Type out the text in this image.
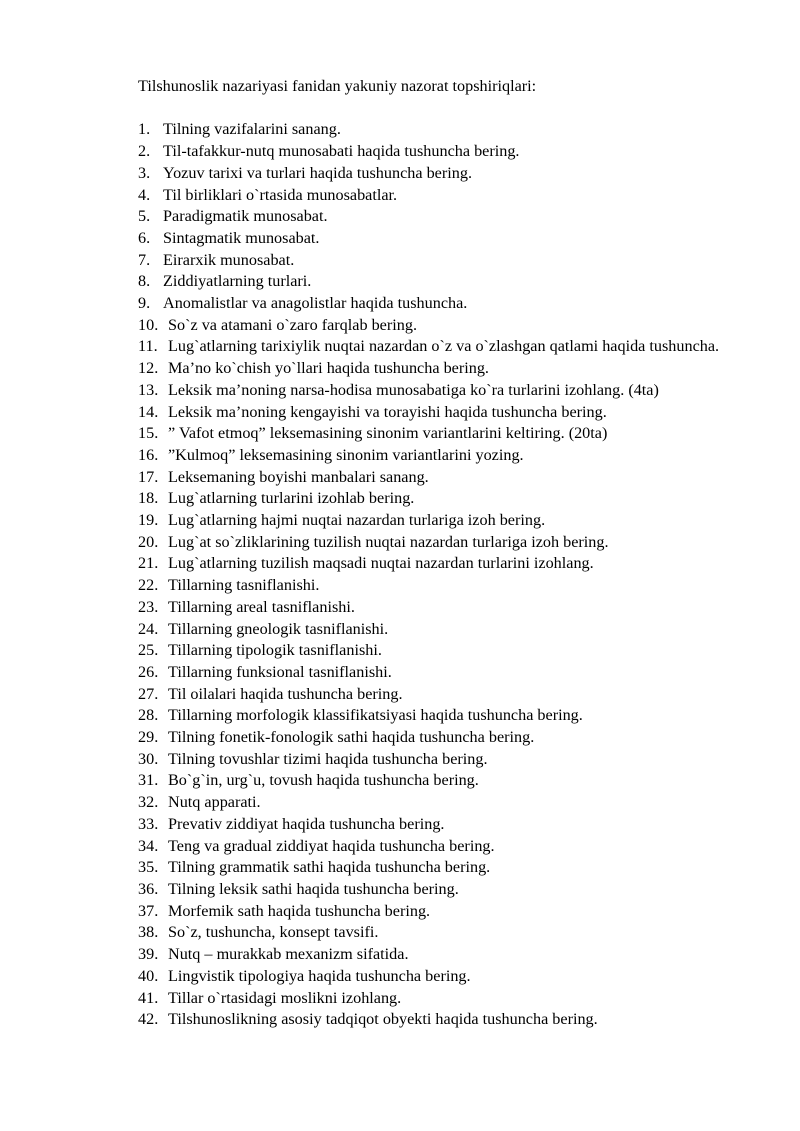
Tilshunoslik nazariyasi fanidan yakuniy nazorat topshiriqlari:
1. Tilning vazifalarini sanang.
2. Til-tafakkur-nutq munosabati haqida tushuncha bering.
3. Yozuv tarixi va turlari haqida tushuncha bering.
4. Til birliklari o`rtasida munosabatlar.
5. Paradigmatik munosabat.
6. Sintagmatik munosabat.
7. Eirarxik munosabat.
8. Ziddiyatlarning turlari.
9. Anomalistlar va anagolistlar haqida tushuncha.
10. So`z va atamani o`zaro farqlab bering.
11. Lug`atlarning tarixiylik nuqtai nazardan o`z va o`zlashgan qatlami haqida tushuncha.
12. Ma’no ko`chish yo`llari haqida tushuncha bering.
13. Leksik ma’noning narsa-hodisa munosabatiga ko`ra turlarini izohlang. (4ta)
14. Leksik ma’noning kengayishi va torayishi haqida tushuncha bering.
15. ” Vafot etmoq” leksemasining sinonim variantlarini keltiring. (20ta)
16. ”Kulmoq” leksemasining sinonim variantlarini yozing.
17. Leksemaning boyishi manbalari sanang.
18. Lug`atlarning turlarini izohlab bering.
19. Lug`atlarning hajmi nuqtai nazardan turlariga izoh bering.
20. Lug`at so`zliklarining tuzilish nuqtai nazardan turlariga izoh bering.
21. Lug`atlarning tuzilish maqsadi nuqtai nazardan turlarini izohlang.
22. Tillarning tasniflanishi.
23. Tillarning areal tasniflanishi.
24. Tillarning gneologik tasniflanishi.
25. Tillarning tipologik tasniflanishi.
26. Tillarning funksional tasniflanishi.
27. Til oilalari haqida tushuncha bering.
28. Tillarning morfologik klassifikatsiyasi haqida tushuncha bering.
29. Tilning fonetik-fonologik sathi haqida tushuncha bering.
30. Tilning tovushlar tizimi haqida tushuncha bering.
31. Bo`g`in, urg`u, tovush haqida tushuncha bering.
32. Nutq apparati.
33. Prevativ ziddiyat haqida tushuncha bering.
34. Teng va gradual ziddiyat haqida tushuncha bering.
35. Tilning grammatik sathi haqida tushuncha bering.
36. Tilning leksik sathi haqida tushuncha bering.
37. Morfemik sath haqida tushuncha bering.
38. So`z, tushuncha, konsept tavsifi.
39. Nutq – murakkab mexanizm sifatida.
40. Lingvistik tipologiya haqida tushuncha bering.
41. Tillar o`rtasidagi moslikni izohlang.
42. Tilshunoslikning asosiy tadqiqot obyekti haqida tushuncha bering.
